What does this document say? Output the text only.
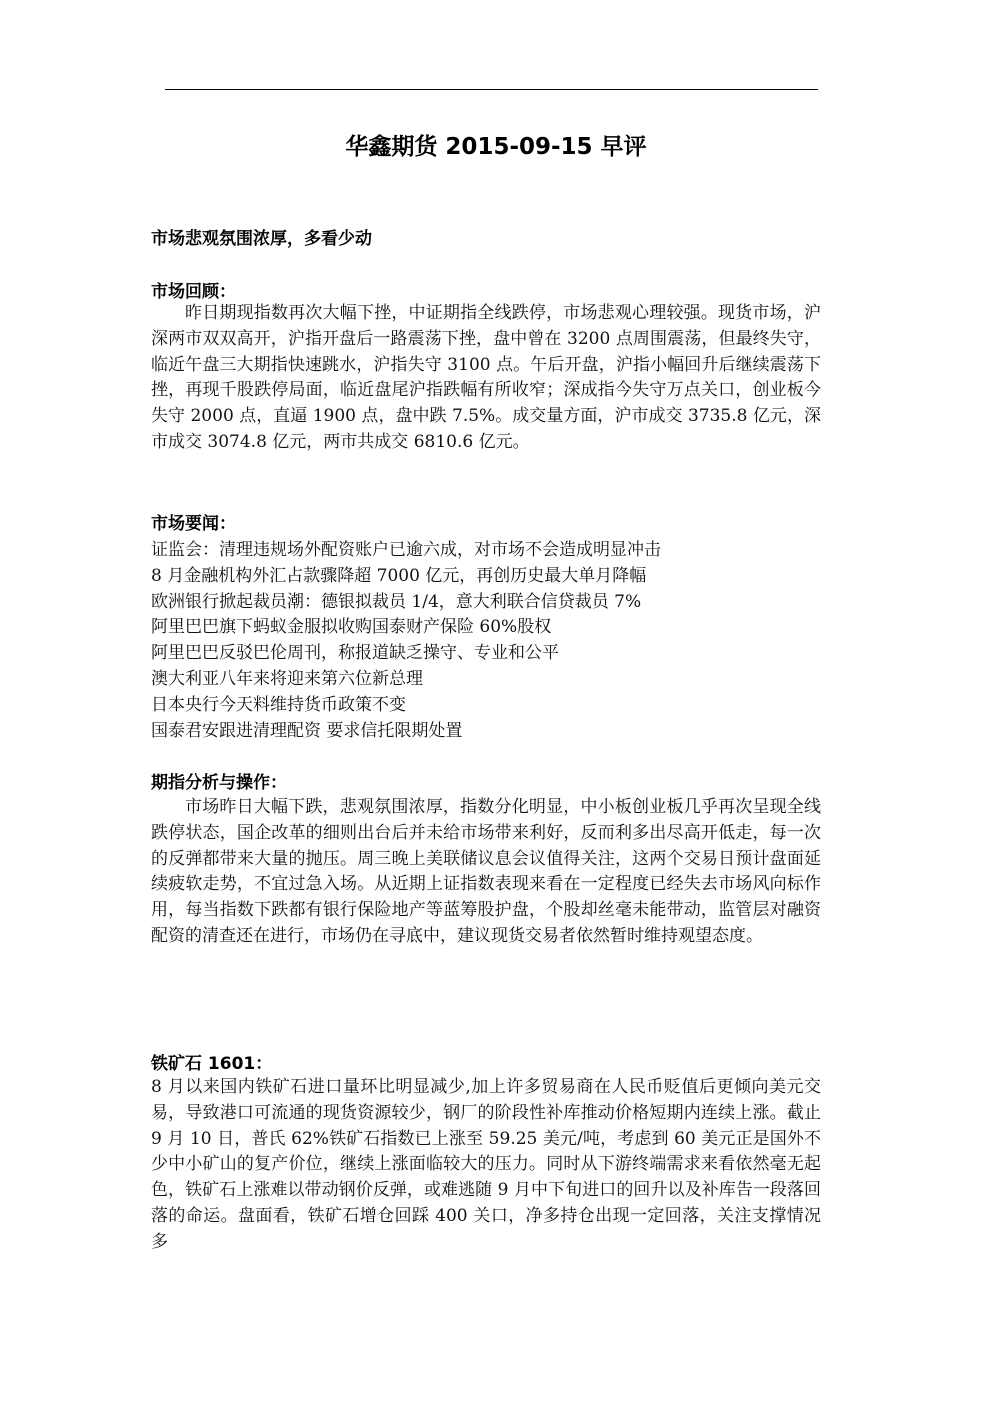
华鑫期货 2015-09-15 早评
市场悲观氛围浓厚，多看少动
市场回顾：

昨日期现指数再次大幅下挫，中证期指全线跌停，市场悲观心理较强。现货市场，沪深两市双双高开，沪指开盘后一路震荡下挫，盘中曾在 3200 点周围震荡，但最终失守，临近午盘三大期指快速跳水，沪指失守 3100 点。午后开盘，沪指小幅回升后继续震荡下挫，再现千股跌停局面，临近盘尾沪指跌幅有所收窄；深成指今失守万点关口，创业板今失守 2000 点，直逼 1900 点，盘中跌 7.5%。成交量方面，沪市成交 3735.8 亿元，深市成交 3074.8 亿元，两市共成交 6810.6 亿元。

市场要闻：
证监会：清理违规场外配资账户已逾六成，对市场不会造成明显冲击
8 月金融机构外汇占款骤降超 7000 亿元，再创历史最大单月降幅
欧洲银行掀起裁员潮：德银拟裁员 1/4，意大利联合信贷裁员 7%
阿里巴巴旗下蚂蚁金服拟收购国泰财产保险 60%股权
阿里巴巴反驳巴伦周刊，称报道缺乏操守、专业和公平
澳大利亚八年来将迎来第六位新总理
日本央行今天料维持货币政策不变
国泰君安跟进清理配资 要求信托限期处置
期指分析与操作：

市场昨日大幅下跌，悲观氛围浓厚，指数分化明显，中小板创业板几乎再次呈现全线跌停状态，国企改革的细则出台后并未给市场带来利好，反而利多出尽高开低走，每一次的反弹都带来大量的抛压。周三晚上美联储议息会议值得关注，这两个交易日预计盘面延续疲软走势，不宜过急入场。从近期上证指数表现来看在一定程度已经失去市场风向标作用，每当指数下跌都有银行保险地产等蓝筹股护盘，个股却丝毫未能带动，监管层对融资配资的清查还在进行，市场仍在寻底中，建议现货交易者依然暂时维持观望态度。

铁矿石 1601：

8 月以来国内铁矿石进口量环比明显减少,加上许多贸易商在人民币贬值后更倾向美元交易，导致港口可流通的现货资源较少，钢厂的阶段性补库推动价格短期内连续上涨。截止 9 月 10 日，普氏 62%铁矿石指数已上涨至 59.25 美元/吨，考虑到 60 美元正是国外不少中小矿山的复产价位，继续上涨面临较大的压力。同时从下游终端需求来看依然毫无起色，铁矿石上涨难以带动钢价反弹，或难逃随 9 月中下旬进口的回升以及补库告一段落回落的命运。盘面看，铁矿石增仓回踩 400 关口，净多持仓出现一定回落，关注支撑情况多
